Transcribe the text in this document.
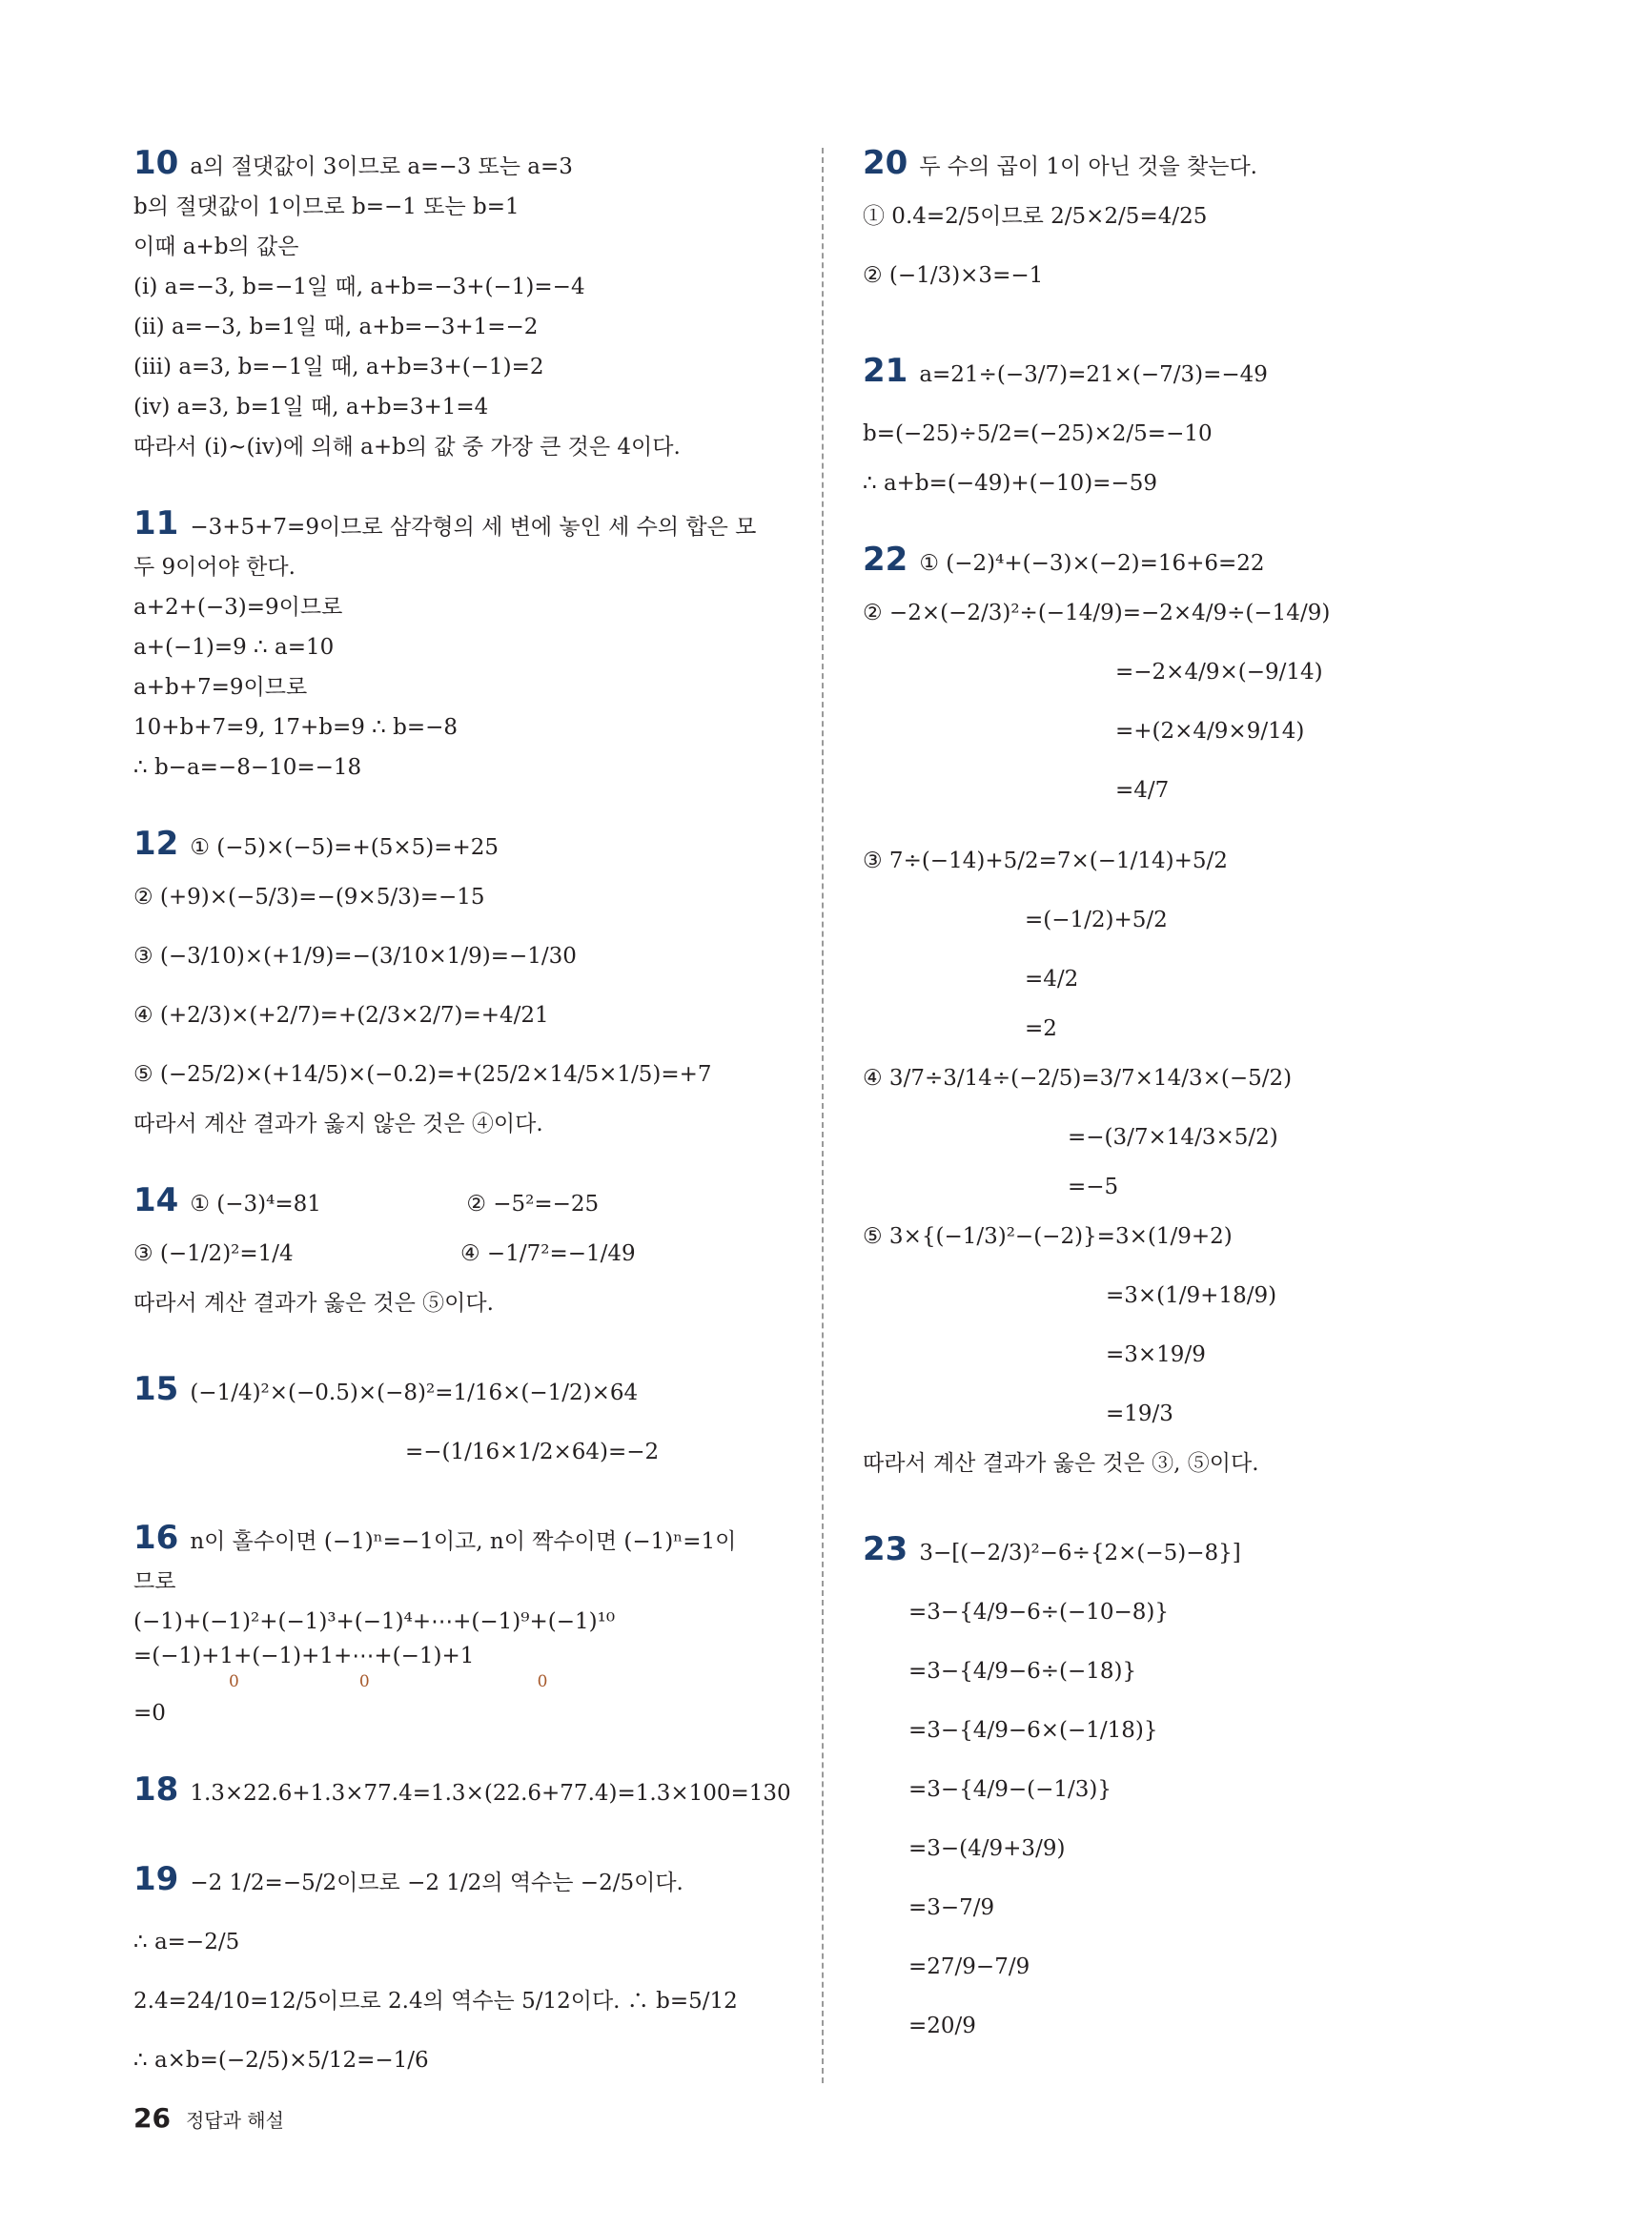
10 a의 절댓값이 3이므로 a=−3 또는 a=3
b의 절댓값이 1이므로 b=−1 또는 b=1
이때 a+b의 값은
(ⅰ) a=−3, b=−1일 때, a+b=−3+(−1)=−4
(ⅱ) a=−3, b=1일 때, a+b=−3+1=−2
(ⅲ) a=3, b=−1일 때, a+b=3+(−1)=2
(ⅳ) a=3, b=1일 때, a+b=3+1=4
따라서 (ⅰ)~(ⅳ)에 의해 a+b의 값 중 가장 큰 것은 4이다.
11 −3+5+7=9이므로 삼각형의 세 변에 놓인 세 수의 합은 모
두 9이어야 한다.
a+2+(−3)=9이므로
a+(−1)=9 ∴ a=10
a+b+7=9이므로
10+b+7=9, 17+b=9 ∴ b=−8
∴ b−a=−8−10=−18
12 ① (−5)×(−5)=+(5×5)=+25
② (+9)×(−5/3)=−(9×5/3)=−15
③ (−3/10)×(+1/9)=−(3/10×1/9)=−1/30
④ (+2/3)×(+2/7)=+(2/3×2/7)=+4/21
⑤ (−25/2)×(+14/5)×(−0.2)=+(25/2×14/5×1/5)=+7
따라서 계산 결과가 옳지 않은 것은 ④이다.
14 ① (−3)⁴=81	② −5²=−25
③ (−1/2)²=1/4	④ −1/7²=−1/49
따라서 계산 결과가 옳은 것은 ⑤이다.
15 (−1/4)²×(−0.5)×(−8)²=1/16×(−1/2)×64
=−(1/16×1/2×64)=−2
16 n이 홀수이면 (−1)ⁿ=−1이고, n이 짝수이면 (−1)ⁿ=1이
므로
(−1)+(−1)²+(−1)³+(−1)⁴+⋯+(−1)⁹+(−1)¹⁰
=(−1)+1+(−1)+1+⋯+(−1)+1
0	0	0
=0
18 1.3×22.6+1.3×77.4=1.3×(22.6+77.4)=1.3×100=130
19 −2 1/2=−5/2이므로 −2 1/2의 역수는 −2/5이다.
∴ a=−2/5
2.4=24/10=12/5이므로 2.4의 역수는 5/12이다. ∴ b=5/12
∴ a×b=(−2/5)×5/12=−1/6
20 두 수의 곱이 1이 아닌 것을 찾는다.
① 0.4=2/5이므로 2/5×2/5=4/25
② (−1/3)×3=−1
21 a=21÷(−3/7)=21×(−7/3)=−49
b=(−25)÷5/2=(−25)×2/5=−10
∴ a+b=(−49)+(−10)=−59
22 ① (−2)⁴+(−3)×(−2)=16+6=22
② −2×(−2/3)²÷(−14/9)=−2×4/9÷(−14/9)
=−2×4/9×(−9/14)
=+(2×4/9×9/14)
=4/7
③ 7÷(−14)+5/2=7×(−1/14)+5/2
=(−1/2)+5/2
=4/2
=2
④ 3/7÷3/14÷(−2/5)=3/7×14/3×(−5/2)
=−(3/7×14/3×5/2)
=−5
⑤ 3×{(−1/3)²−(−2)}=3×(1/9+2)
=3×(1/9+18/9)
=3×19/9
=19/3
따라서 계산 결과가 옳은 것은 ③, ⑤이다.
23 3−[(−2/3)²−6÷{2×(−5)−8}]
=3−{4/9−6÷(−10−8)}
=3−{4/9−6÷(−18)}
=3−{4/9−6×(−1/18)}
=3−{4/9−(−1/3)}
=3−(4/9+3/9)
=3−7/9
=27/9−7/9
=20/9
26 정답과 해설
